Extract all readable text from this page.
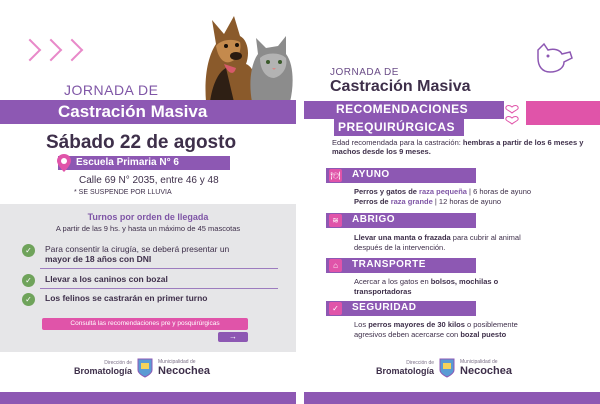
JORNADA DE
Castración Masiva
Sábado 22 de agosto
Escuela Primaria N° 6
Calle 69 N° 2035, entre 46 y 48
* SE SUSPENDE POR LLUVIA
Turnos por orden de llegada
A partir de las 9 hs. y hasta un máximo de 45 mascotas
✓	Para consentir la cirugía, se deberá presentar un mayor de 18 años con DNI
✓	Llevar a los caninos con bozal
✓	Los felinos se castrarán en primer turno
Consultá las recomendaciones pre y posquirúrgicas
→
Dirección de
Bromatología
Municipalidad de
Necochea
JORNADA DE
Castración Masiva
RECOMENDACIONES
PREQUIRÚRGICAS
Edad recomendada para la castración: hembras a partir de los 6 meses y machos desde los 9 meses.
🍽 AYUNO
Perros y gatos de raza pequeña | 6 horas de ayuno
Perros de raza grande | 12 horas de ayuno
≋	ABRIGO
Llevar una manta o frazada para cubrir al animal
después de la intervención.
⌂	TRANSPORTE
Acercar a los gatos en bolsos, mochilas o
transportadoras
✓	SEGURIDAD
Los perros mayores de 30 kilos o posiblemente
agresivos deben acercarse con bozal puesto
Dirección de
Bromatología
Municipalidad de
Necochea
